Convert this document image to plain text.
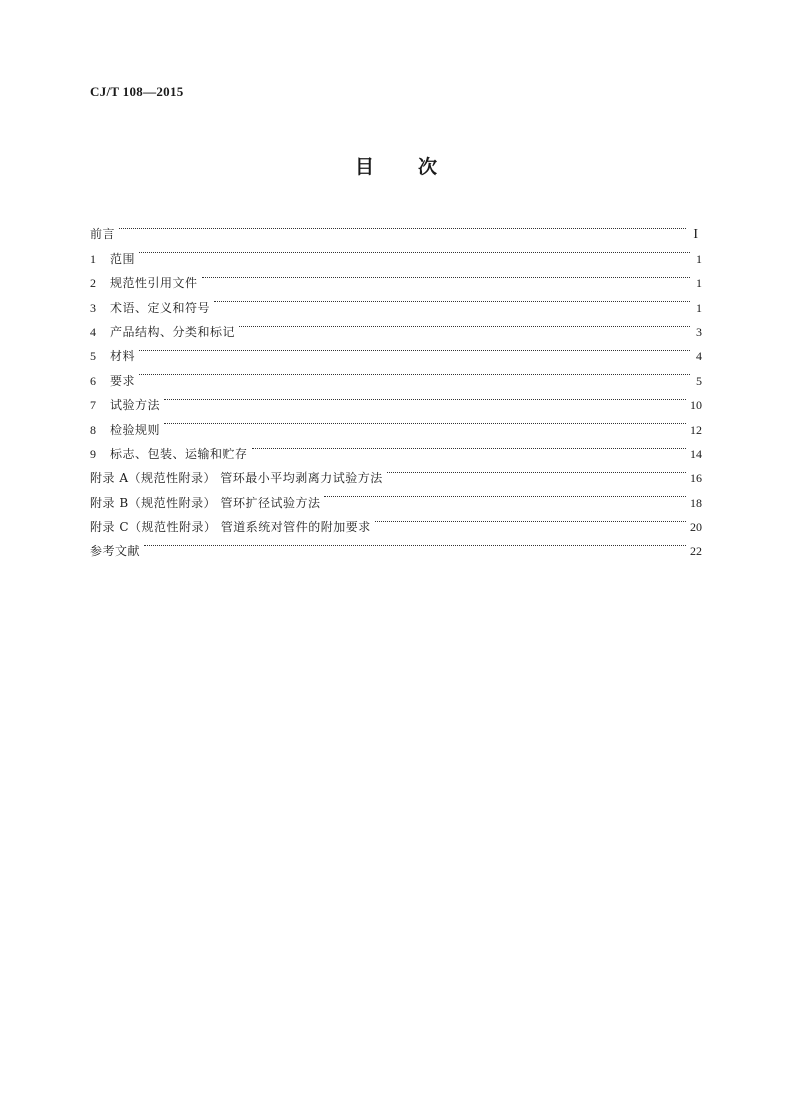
CJ/T 108—2015
目 次
前言	I
1	范围	1
2	规范性引用文件	1
3	术语、定义和符号	1
4	产品结构、分类和标记	3
5	材料	4
6	要求	5
7	试验方法	10
8	检验规则	12
9	标志、包装、运输和贮存	14
附录 A（规范性附录） 管环最小平均剥离力试验方法	16
附录 B（规范性附录） 管环扩径试验方法	18
附录 C（规范性附录） 管道系统对管件的附加要求	20
参考文献	22
